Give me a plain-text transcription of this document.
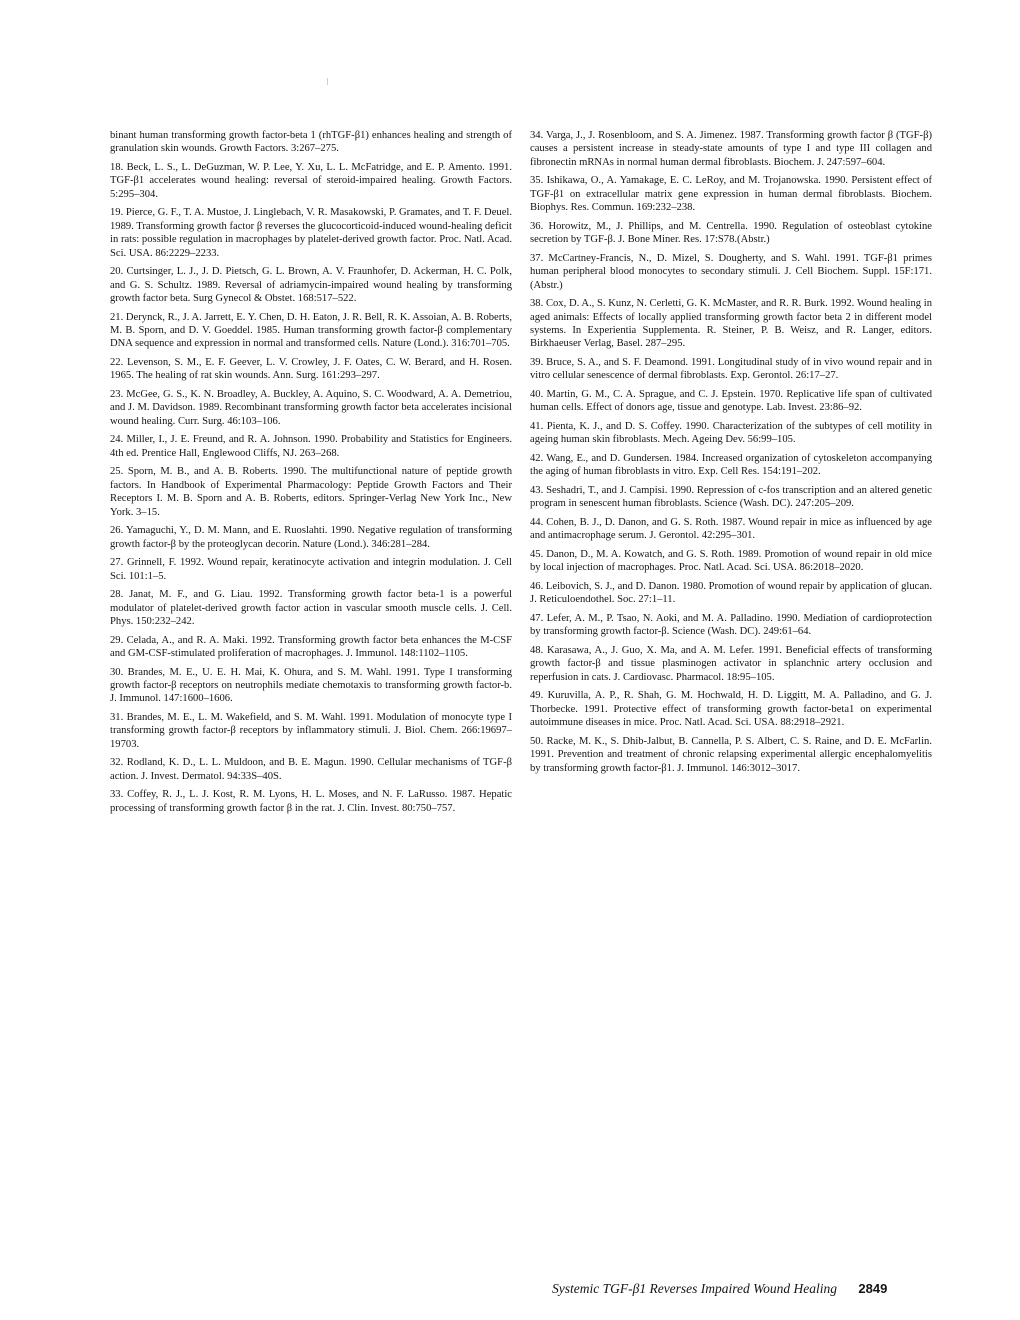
binant human transforming growth factor-beta 1 (rhTGF-β1) enhances healing and strength of granulation skin wounds. Growth Factors. 3:267–275.

18. Beck, L. S., L. DeGuzman, W. P. Lee, Y. Xu, L. L. McFatridge, and E. P. Amento. 1991. TGF-β1 accelerates wound healing: reversal of steroid-impaired healing. Growth Factors. 5:295–304.

19. Pierce, G. F., T. A. Mustoe, J. Linglebach, V. R. Masakowski, P. Gramates, and T. F. Deuel. 1989. Transforming growth factor β reverses the glucocorticoid-induced wound-healing deficit in rats: possible regulation in macrophages by platelet-derived growth factor. Proc. Natl. Acad. Sci. USA. 86:2229–2233.

20. Curtsinger, L. J., J. D. Pietsch, G. L. Brown, A. V. Fraunhofer, D. Ackerman, H. C. Polk, and G. S. Schultz. 1989. Reversal of adriamycin-impaired wound healing by transforming growth factor beta. Surg Gynecol & Obstet. 168:517–522.

21. Derynck, R., J. A. Jarrett, E. Y. Chen, D. H. Eaton, J. R. Bell, R. K. Assoian, A. B. Roberts, M. B. Sporn, and D. V. Goeddel. 1985. Human transforming growth factor-β complementary DNA sequence and expression in normal and transformed cells. Nature (Lond.). 316:701–705.

22. Levenson, S. M., E. F. Geever, L. V. Crowley, J. F. Oates, C. W. Berard, and H. Rosen. 1965. The healing of rat skin wounds. Ann. Surg. 161:293–297.

23. McGee, G. S., K. N. Broadley, A. Buckley, A. Aquino, S. C. Woodward, A. A. Demetriou, and J. M. Davidson. 1989. Recombinant transforming growth factor beta accelerates incisional wound healing. Curr. Surg. 46:103–106.

24. Miller, I., J. E. Freund, and R. A. Johnson. 1990. Probability and Statistics for Engineers. 4th ed. Prentice Hall, Englewood Cliffs, NJ. 263–268.

25. Sporn, M. B., and A. B. Roberts. 1990. The multifunctional nature of peptide growth factors. In Handbook of Experimental Pharmacology: Peptide Growth Factors and Their Receptors I. M. B. Sporn and A. B. Roberts, editors. Springer-Verlag New York Inc., New York. 3–15.

26. Yamaguchi, Y., D. M. Mann, and E. Ruoslahti. 1990. Negative regulation of transforming growth factor-β by the proteoglycan decorin. Nature (Lond.). 346:281–284.

27. Grinnell, F. 1992. Wound repair, keratinocyte activation and integrin modulation. J. Cell Sci. 101:1–5.

28. Janat, M. F., and G. Liau. 1992. Transforming growth factor beta-1 is a powerful modulator of platelet-derived growth factor action in vascular smooth muscle cells. J. Cell. Phys. 150:232–242.

29. Celada, A., and R. A. Maki. 1992. Transforming growth factor beta enhances the M-CSF and GM-CSF-stimulated proliferation of macrophages. J. Immunol. 148:1102–1105.

30. Brandes, M. E., U. E. H. Mai, K. Ohura, and S. M. Wahl. 1991. Type I transforming growth factor-β receptors on neutrophils mediate chemotaxis to transforming growth factor-b. J. Immunol. 147:1600–1606.

31. Brandes, M. E., L. M. Wakefield, and S. M. Wahl. 1991. Modulation of monocyte type I transforming growth factor-β receptors by inflammatory stimuli. J. Biol. Chem. 266:19697–19703.

32. Rodland, K. D., L. L. Muldoon, and B. E. Magun. 1990. Cellular mechanisms of TGF-β action. J. Invest. Dermatol. 94:33S–40S.

33. Coffey, R. J., L. J. Kost, R. M. Lyons, H. L. Moses, and N. F. LaRusso. 1987. Hepatic processing of transforming growth factor β in the rat. J. Clin. Invest. 80:750–757.

34. Varga, J., J. Rosenbloom, and S. A. Jimenez. 1987. Transforming growth factor β (TGF-β) causes a persistent increase in steady-state amounts of type I and type III collagen and fibronectin mRNAs in normal human dermal fibroblasts. Biochem. J. 247:597–604.

35. Ishikawa, O., A. Yamakage, E. C. LeRoy, and M. Trojanowska. 1990. Persistent effect of TGF-β1 on extracellular matrix gene expression in human dermal fibroblasts. Biochem. Biophys. Res. Commun. 169:232–238.

36. Horowitz, M., J. Phillips, and M. Centrella. 1990. Regulation of osteoblast cytokine secretion by TGF-β. J. Bone Miner. Res. 17:S78.(Abstr.)

37. McCartney-Francis, N., D. Mizel, S. Dougherty, and S. Wahl. 1991. TGF-β1 primes human peripheral blood monocytes to secondary stimuli. J. Cell Biochem. Suppl. 15F:171.(Abstr.)

38. Cox, D. A., S. Kunz, N. Cerletti, G. K. McMaster, and R. R. Burk. 1992. Wound healing in aged animals: Effects of locally applied transforming growth factor beta 2 in different model systems. In Experientia Supplementa. R. Steiner, P. B. Weisz, and R. Langer, editors. Birkhaeuser Verlag, Basel. 287–295.

39. Bruce, S. A., and S. F. Deamond. 1991. Longitudinal study of in vivo wound repair and in vitro cellular senescence of dermal fibroblasts. Exp. Gerontol. 26:17–27.

40. Martin, G. M., C. A. Sprague, and C. J. Epstein. 1970. Replicative life span of cultivated human cells. Effect of donors age, tissue and genotype. Lab. Invest. 23:86–92.

41. Pienta, K. J., and D. S. Coffey. 1990. Characterization of the subtypes of cell motility in ageing human skin fibroblasts. Mech. Ageing Dev. 56:99–105.

42. Wang, E., and D. Gundersen. 1984. Increased organization of cytoskeleton accompanying the aging of human fibroblasts in vitro. Exp. Cell Res. 154:191–202.

43. Seshadri, T., and J. Campisi. 1990. Repression of c-fos transcription and an altered genetic program in senescent human fibroblasts. Science (Wash. DC). 247:205–209.

44. Cohen, B. J., D. Danon, and G. S. Roth. 1987. Wound repair in mice as influenced by age and antimacrophage serum. J. Gerontol. 42:295–301.

45. Danon, D., M. A. Kowatch, and G. S. Roth. 1989. Promotion of wound repair in old mice by local injection of macrophages. Proc. Natl. Acad. Sci. USA. 86:2018–2020.

46. Leibovich, S. J., and D. Danon. 1980. Promotion of wound repair by application of glucan. J. Reticuloendothel. Soc. 27:1–11.

47. Lefer, A. M., P. Tsao, N. Aoki, and M. A. Palladino. 1990. Mediation of cardioprotection by transforming growth factor-β. Science (Wash. DC). 249:61–64.

48. Karasawa, A., J. Guo, X. Ma, and A. M. Lefer. 1991. Beneficial effects of transforming growth factor-β and tissue plasminogen activator in splanchnic artery occlusion and reperfusion in cats. J. Cardiovasc. Pharmacol. 18:95–105.

49. Kuruvilla, A. P., R. Shah, G. M. Hochwald, H. D. Liggitt, M. A. Palladino, and G. J. Thorbecke. 1991. Protective effect of transforming growth factor-beta1 on experimental autoimmune diseases in mice. Proc. Natl. Acad. Sci. USA. 88:2918–2921.

50. Racke, M. K., S. Dhib-Jalbut, B. Cannella, P. S. Albert, C. S. Raine, and D. E. McFarlin. 1991. Prevention and treatment of chronic relapsing experimental allergic encephalomyelitis by transforming growth factor-β1. J. Immunol. 146:3012–3017.

Systemic TGF-β1 Reverses Impaired Wound Healing 2849
